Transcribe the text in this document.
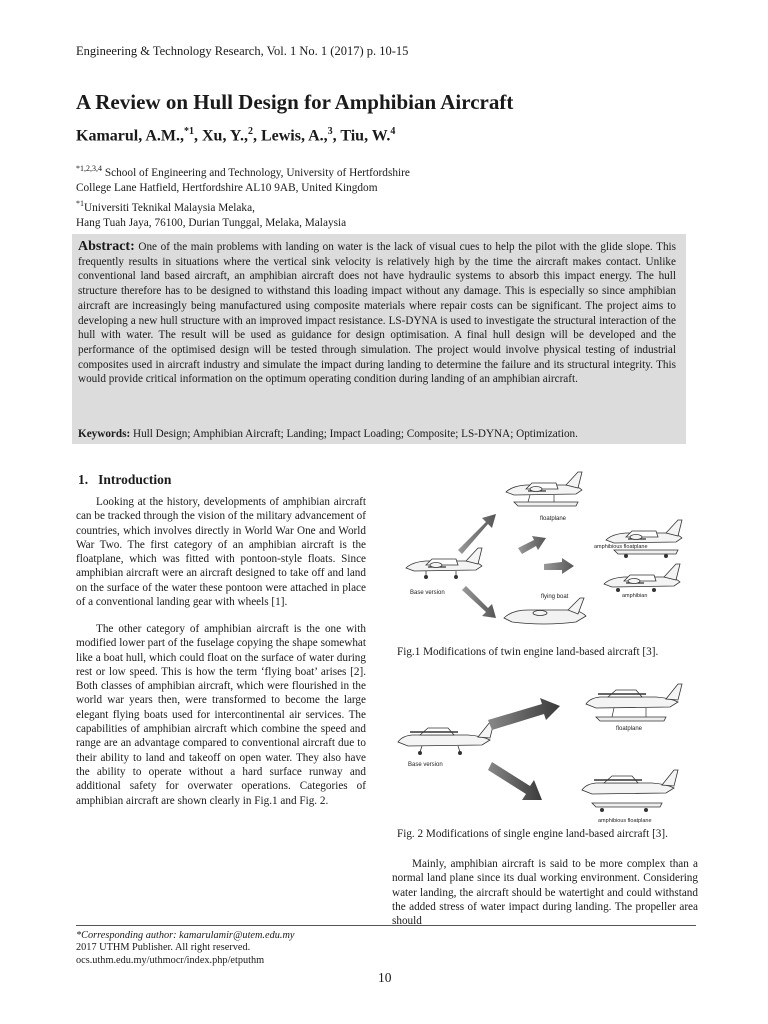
Engineering & Technology Research, Vol. 1 No. 1 (2017) p. 10-15
A Review on Hull Design for Amphibian Aircraft
Kamarul, A.M.,$^{*1}$, Xu, Y.,$^2$, Lewis, A.,$^3$, Tiu, W.$^4$
$^{*1,2,3,4}$ School of Engineering and Technology, University of Hertfordshire
College Lane Hatfield, Hertfordshire AL10 9AB, United Kingdom
$^{*1}$Universiti Teknikal Malaysia Melaka,
Hang Tuah Jaya, 76100, Durian Tunggal, Melaka, Malaysia

Abstract: One of the main problems with landing on water is the lack of visual cues to help the pilot with the glide slope. This frequently results in situations where the vertical sink velocity is relatively high by the time the aircraft makes contact. Unlike conventional land based aircraft, an amphibian aircraft does not have hydraulic systems to absorb this impact energy. The hull structure therefore has to be designed to withstand this loading impact without any damage. This is especially so since amphibian aircraft are increasingly being manufactured using composite materials where repair costs can be significant. The project aims to developing a new hull structure with an improved impact resistance. LS-DYNA is used to investigate the structural interaction of the hull with water. The result will be used as guidance for design optimisation. A final hull design will be developed and the performance of the optimised design will be tested through simulation. The project would involve physical testing of industrial composites used in aircraft industry and simulate the impact during landing to determine the failure and its structural integrity. This would provide critical information on the optimum operating condition during landing of an amphibian aircraft.

Keywords: Hull Design; Amphibian Aircraft; Landing; Impact Loading; Composite; LS-DYNA; Optimization.
1. Introduction

Looking at the history, developments of amphibian aircraft can be tracked through the vision of the military advancement of countries, which involves directly in World War One and World War Two. The first category of an amphibian aircraft is the floatplane, which was fitted with pontoon-style floats. Since amphibian aircraft were an aircraft designed to take off and land on the surface of the water these pontoon were attached in place of a conventional landing gear with wheels [1].

The other category of amphibian aircraft is the one with modified lower part of the fuselage copying the shape somewhat like a boat hull, which could float on the surface of water during rest or low speed. This is how the term ‘flying boat’ arises [2]. Both classes of amphibian aircraft, which were flourished in the world war years then, were transformed to become the large elegant flying boats used for intercontinental air services. The capabilities of amphibian aircraft which combine the speed and range are an advantage compared to conventional aircraft due to their ability to land and takeoff on open water. They also have the ability to operate without a hard surface runway and additional safety for overwater operations. Categories of amphibian aircraft are shown clearly in Fig.1 and Fig. 2.

floatplane
amphibious floatplane
amphibian
Base version
flying boat
Fig.1 Modifications of twin engine land-based aircraft [3].
floatplane
Base version
amphibious floatplane
Fig. 2 Modifications of single engine land-based aircraft [3].

Mainly, amphibian aircraft is said to be more complex than a normal land plane since its dual working environment. Considering water landing, the aircraft should be watertight and could withstand the added stress of water impact during landing. The propeller area should

*Corresponding author: kamarulamir@utem.edu.my
2017 UTHM Publisher. All right reserved.
ocs.uthm.edu.my/uthmocr/index.php/etputhm
10
